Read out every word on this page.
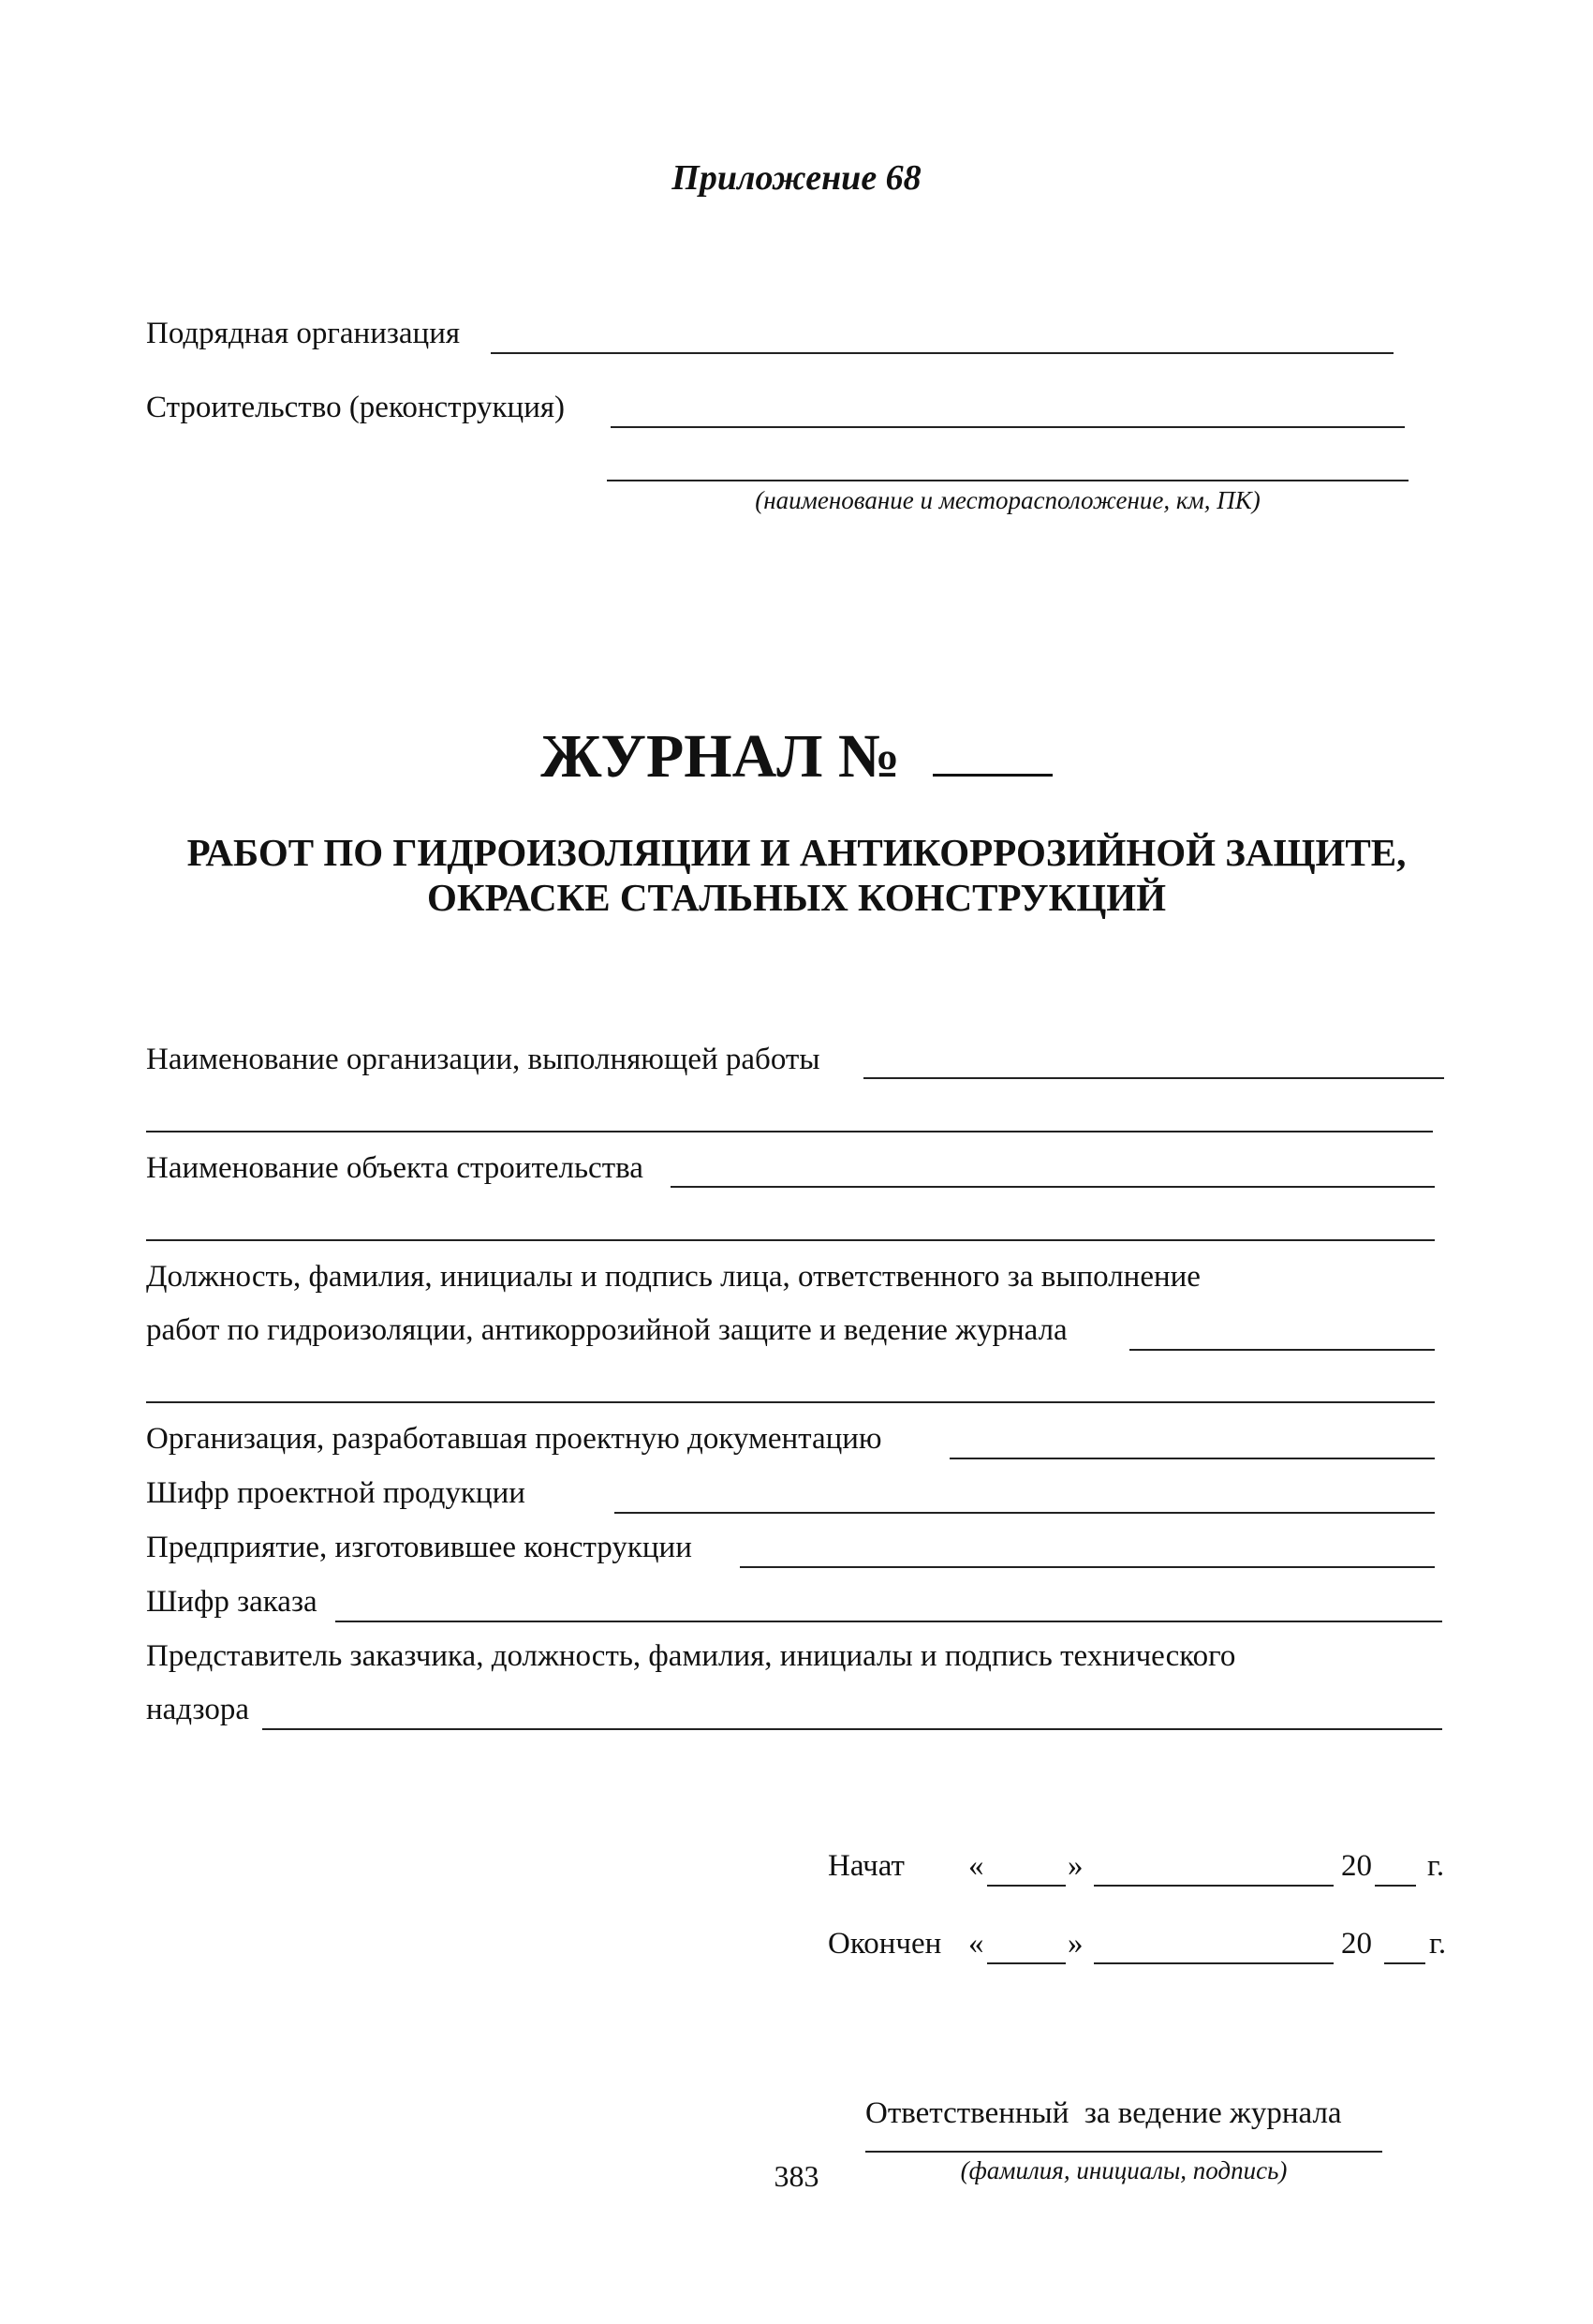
Приложение 68
Подрядная организация
Строительство (реконструкция)
(наименование и месторасположение, км, ПК)
ЖУРНАЛ №
РАБОТ ПО ГИДРОИЗОЛЯЦИИ И АНТИКОРРОЗИЙНОЙ ЗАЩИТЕ,
ОКРАСКЕ СТАЛЬНЫХ КОНСТРУКЦИЙ
Наименование организации, выполняющей работы
Наименование объекта строительства
Должность, фамилия, инициалы и подпись лица, ответственного за выполнение
работ по гидроизоляции, антикоррозийной защите и ведение журнала
Организация, разработавшая проектную документацию
Шифр проектной продукции
Предприятие, изготовившее конструкции
Шифр заказа
Представитель заказчика, должность, фамилия, инициалы и подпись технического
надзора
Начат «	»	20 г.
Окончен «	»	20 г.
Ответственный  за ведение журнала
(фамилия, инициалы, подпись)
383
